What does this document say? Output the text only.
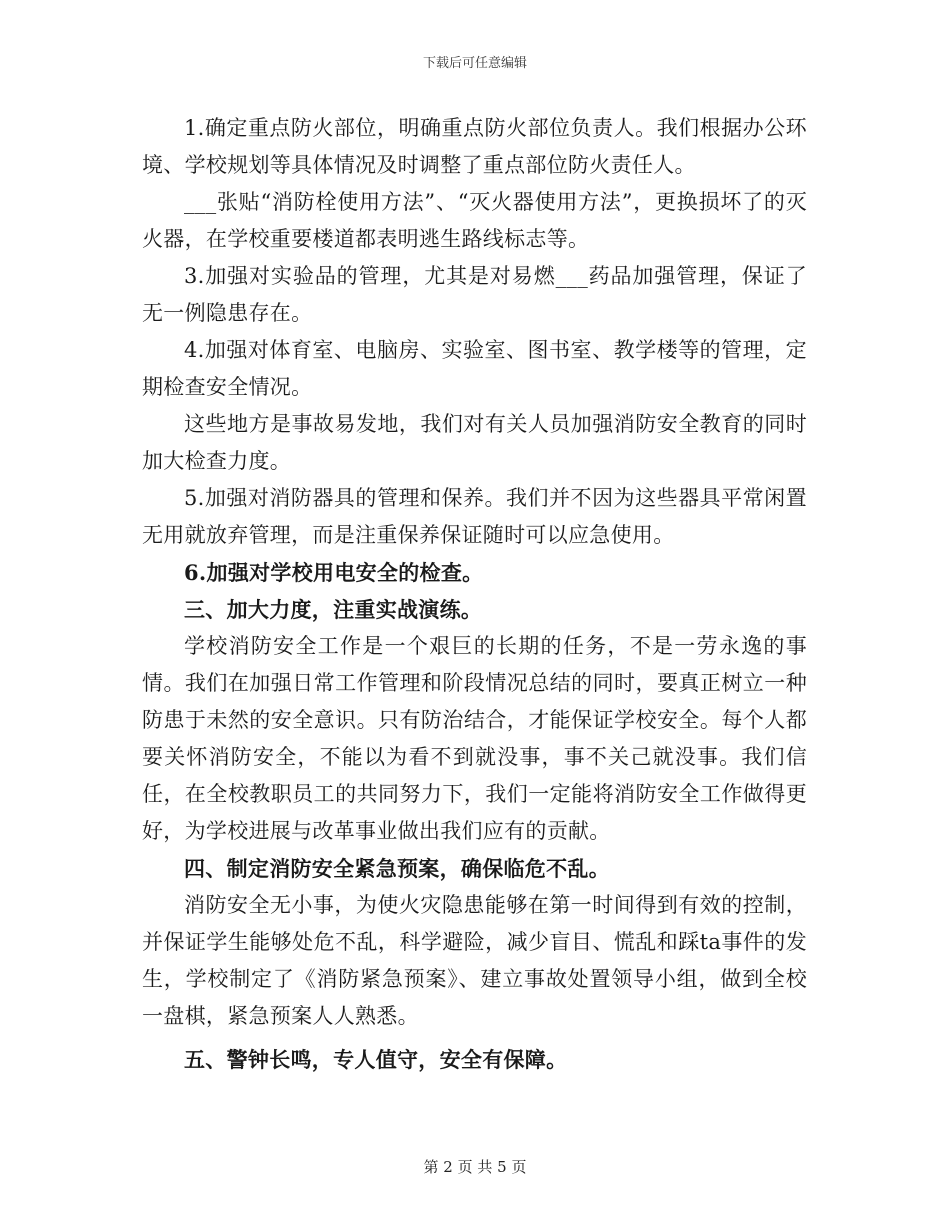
下载后可任意编辑

1.确定重点防火部位，明确重点防火部位负责人。我们根据办公环境、学校规划等具体情况及时调整了重点部位防火责任人。

___张贴“消防栓使用方法”、“灭火器使用方法”，更换损坏了的灭火器，在学校重要楼道都表明逃生路线标志等。

3.加强对实验品的管理，尤其是对易燃___药品加强管理，保证了无一例隐患存在。

4.加强对体育室、电脑房、实验室、图书室、教学楼等的管理，定期检查安全情况。

这些地方是事故易发地，我们对有关人员加强消防安全教育的同时加大检查力度。

5.加强对消防器具的管理和保养。我们并不因为这些器具平常闲置无用就放弃管理，而是注重保养保证随时可以应急使用。

6.加强对学校用电安全的检查。

三、加大力度，注重实战演练。

学校消防安全工作是一个艰巨的长期的任务，不是一劳永逸的事情。我们在加强日常工作管理和阶段情况总结的同时，要真正树立一种防患于未然的安全意识。只有防治结合，才能保证学校安全。每个人都要关怀消防安全，不能以为看不到就没事，事不关己就没事。我们信任，在全校教职员工的共同努力下，我们一定能将消防安全工作做得更好，为学校进展与改革事业做出我们应有的贡献。

四、制定消防安全紧急预案，确保临危不乱。

消防安全无小事，为使火灾隐患能够在第一时间得到有效的控制，并保证学生能够处危不乱，科学避险，减少盲目、慌乱和踩ta事件的发生，学校制定了《消防紧急预案》、建立事故处置领导小组，做到全校一盘棋，紧急预案人人熟悉。

五、警钟长鸣，专人值守，安全有保障。

第 2 页 共 5 页
